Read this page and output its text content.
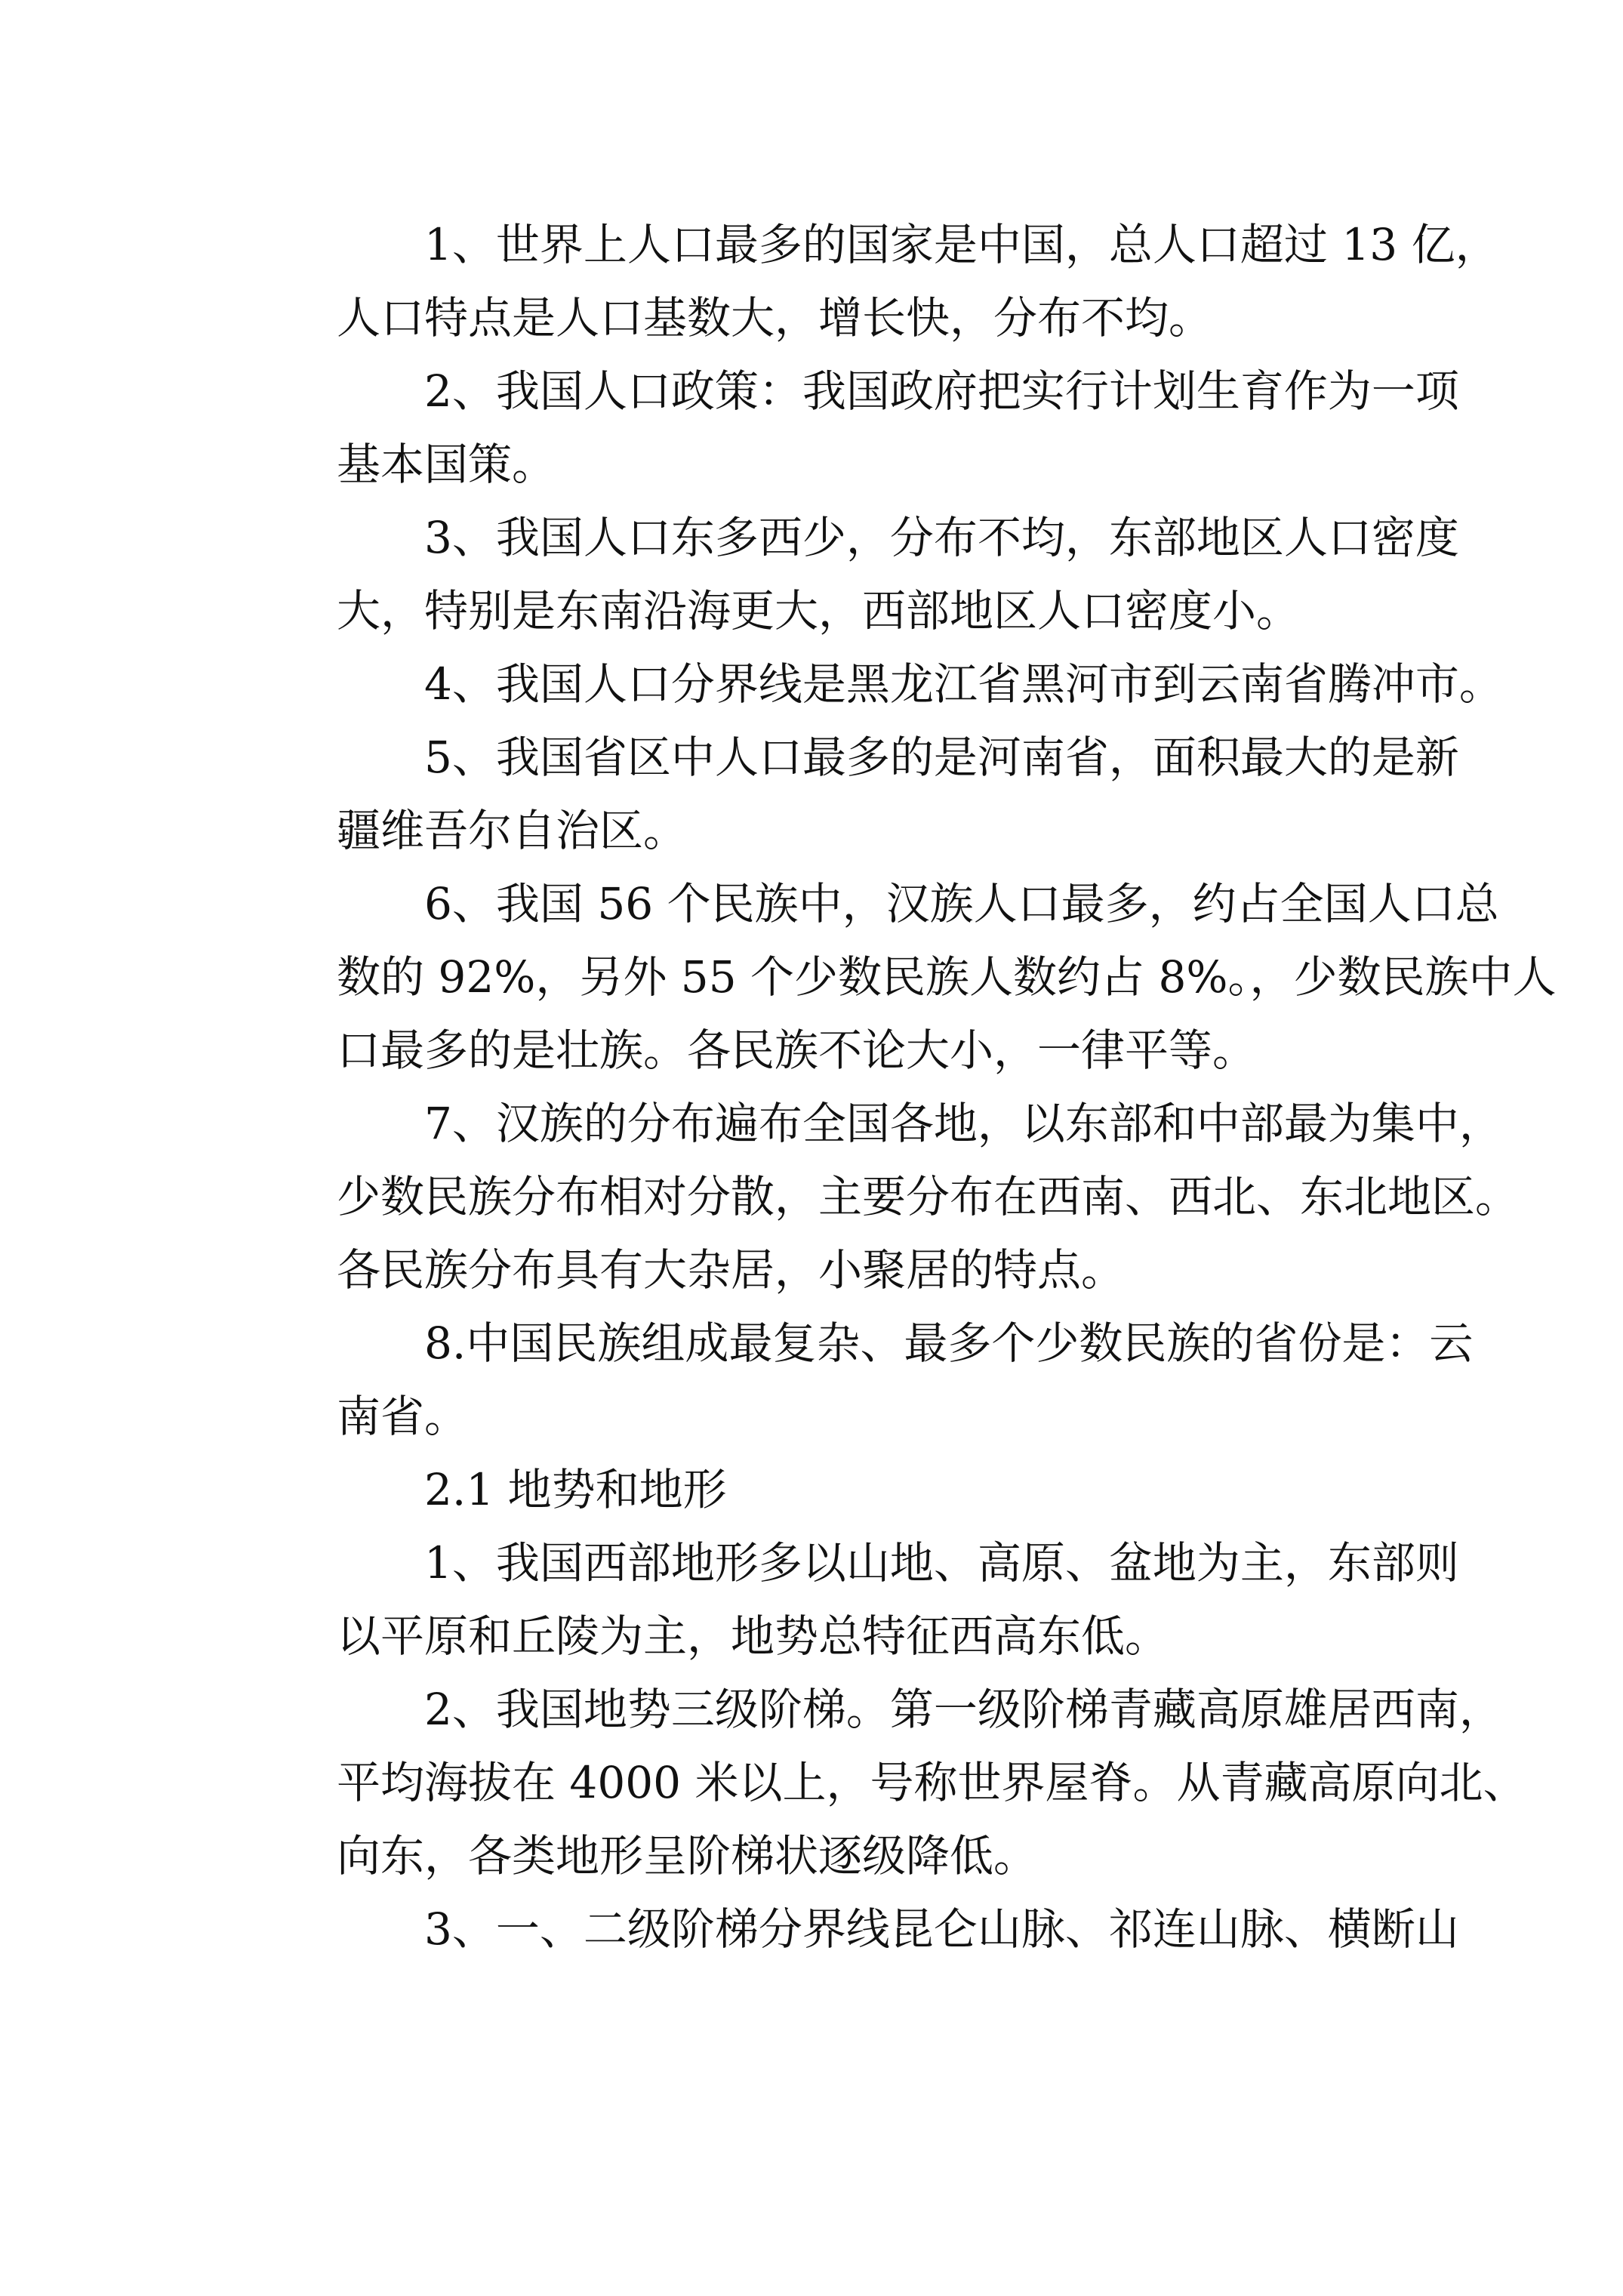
1、世界上人口最多的国家是中国，总人口超过 13 亿，
人口特点是人口基数大，增长快，分布不均。
2、我国人口政策：我国政府把实行计划生育作为一项
基本国策。
3、我国人口东多西少，分布不均，东部地区人口密度
大，特别是东南沿海更大，西部地区人口密度小。
4、我国人口分界线是黑龙江省黑河市到云南省腾冲市。
5、我国省区中人口最多的是河南省，面积最大的是新
疆维吾尔自治区。
6、我国 56 个民族中，汉族人口最多，约占全国人口总
数的 92%，另外 55 个少数民族人数约占 8%。，少数民族中人
口最多的是壮族。各民族不论大小，一律平等。
7、汉族的分布遍布全国各地，以东部和中部最为集中，
少数民族分布相对分散，主要分布在西南、西北、东北地区。
各民族分布具有大杂居，小聚居的特点。
8.中国民族组成最复杂、最多个少数民族的省份是：云
南省。
2.1 地势和地形
1、我国西部地形多以山地、高原、盆地为主，东部则
以平原和丘陵为主，地势总特征西高东低。
2、我国地势三级阶梯。第一级阶梯青藏高原雄居西南，
平均海拔在 4000 米以上，号称世界屋脊。从青藏高原向北、
向东，各类地形呈阶梯状逐级降低。
3、一、二级阶梯分界线昆仑山脉、祁连山脉、横断山
